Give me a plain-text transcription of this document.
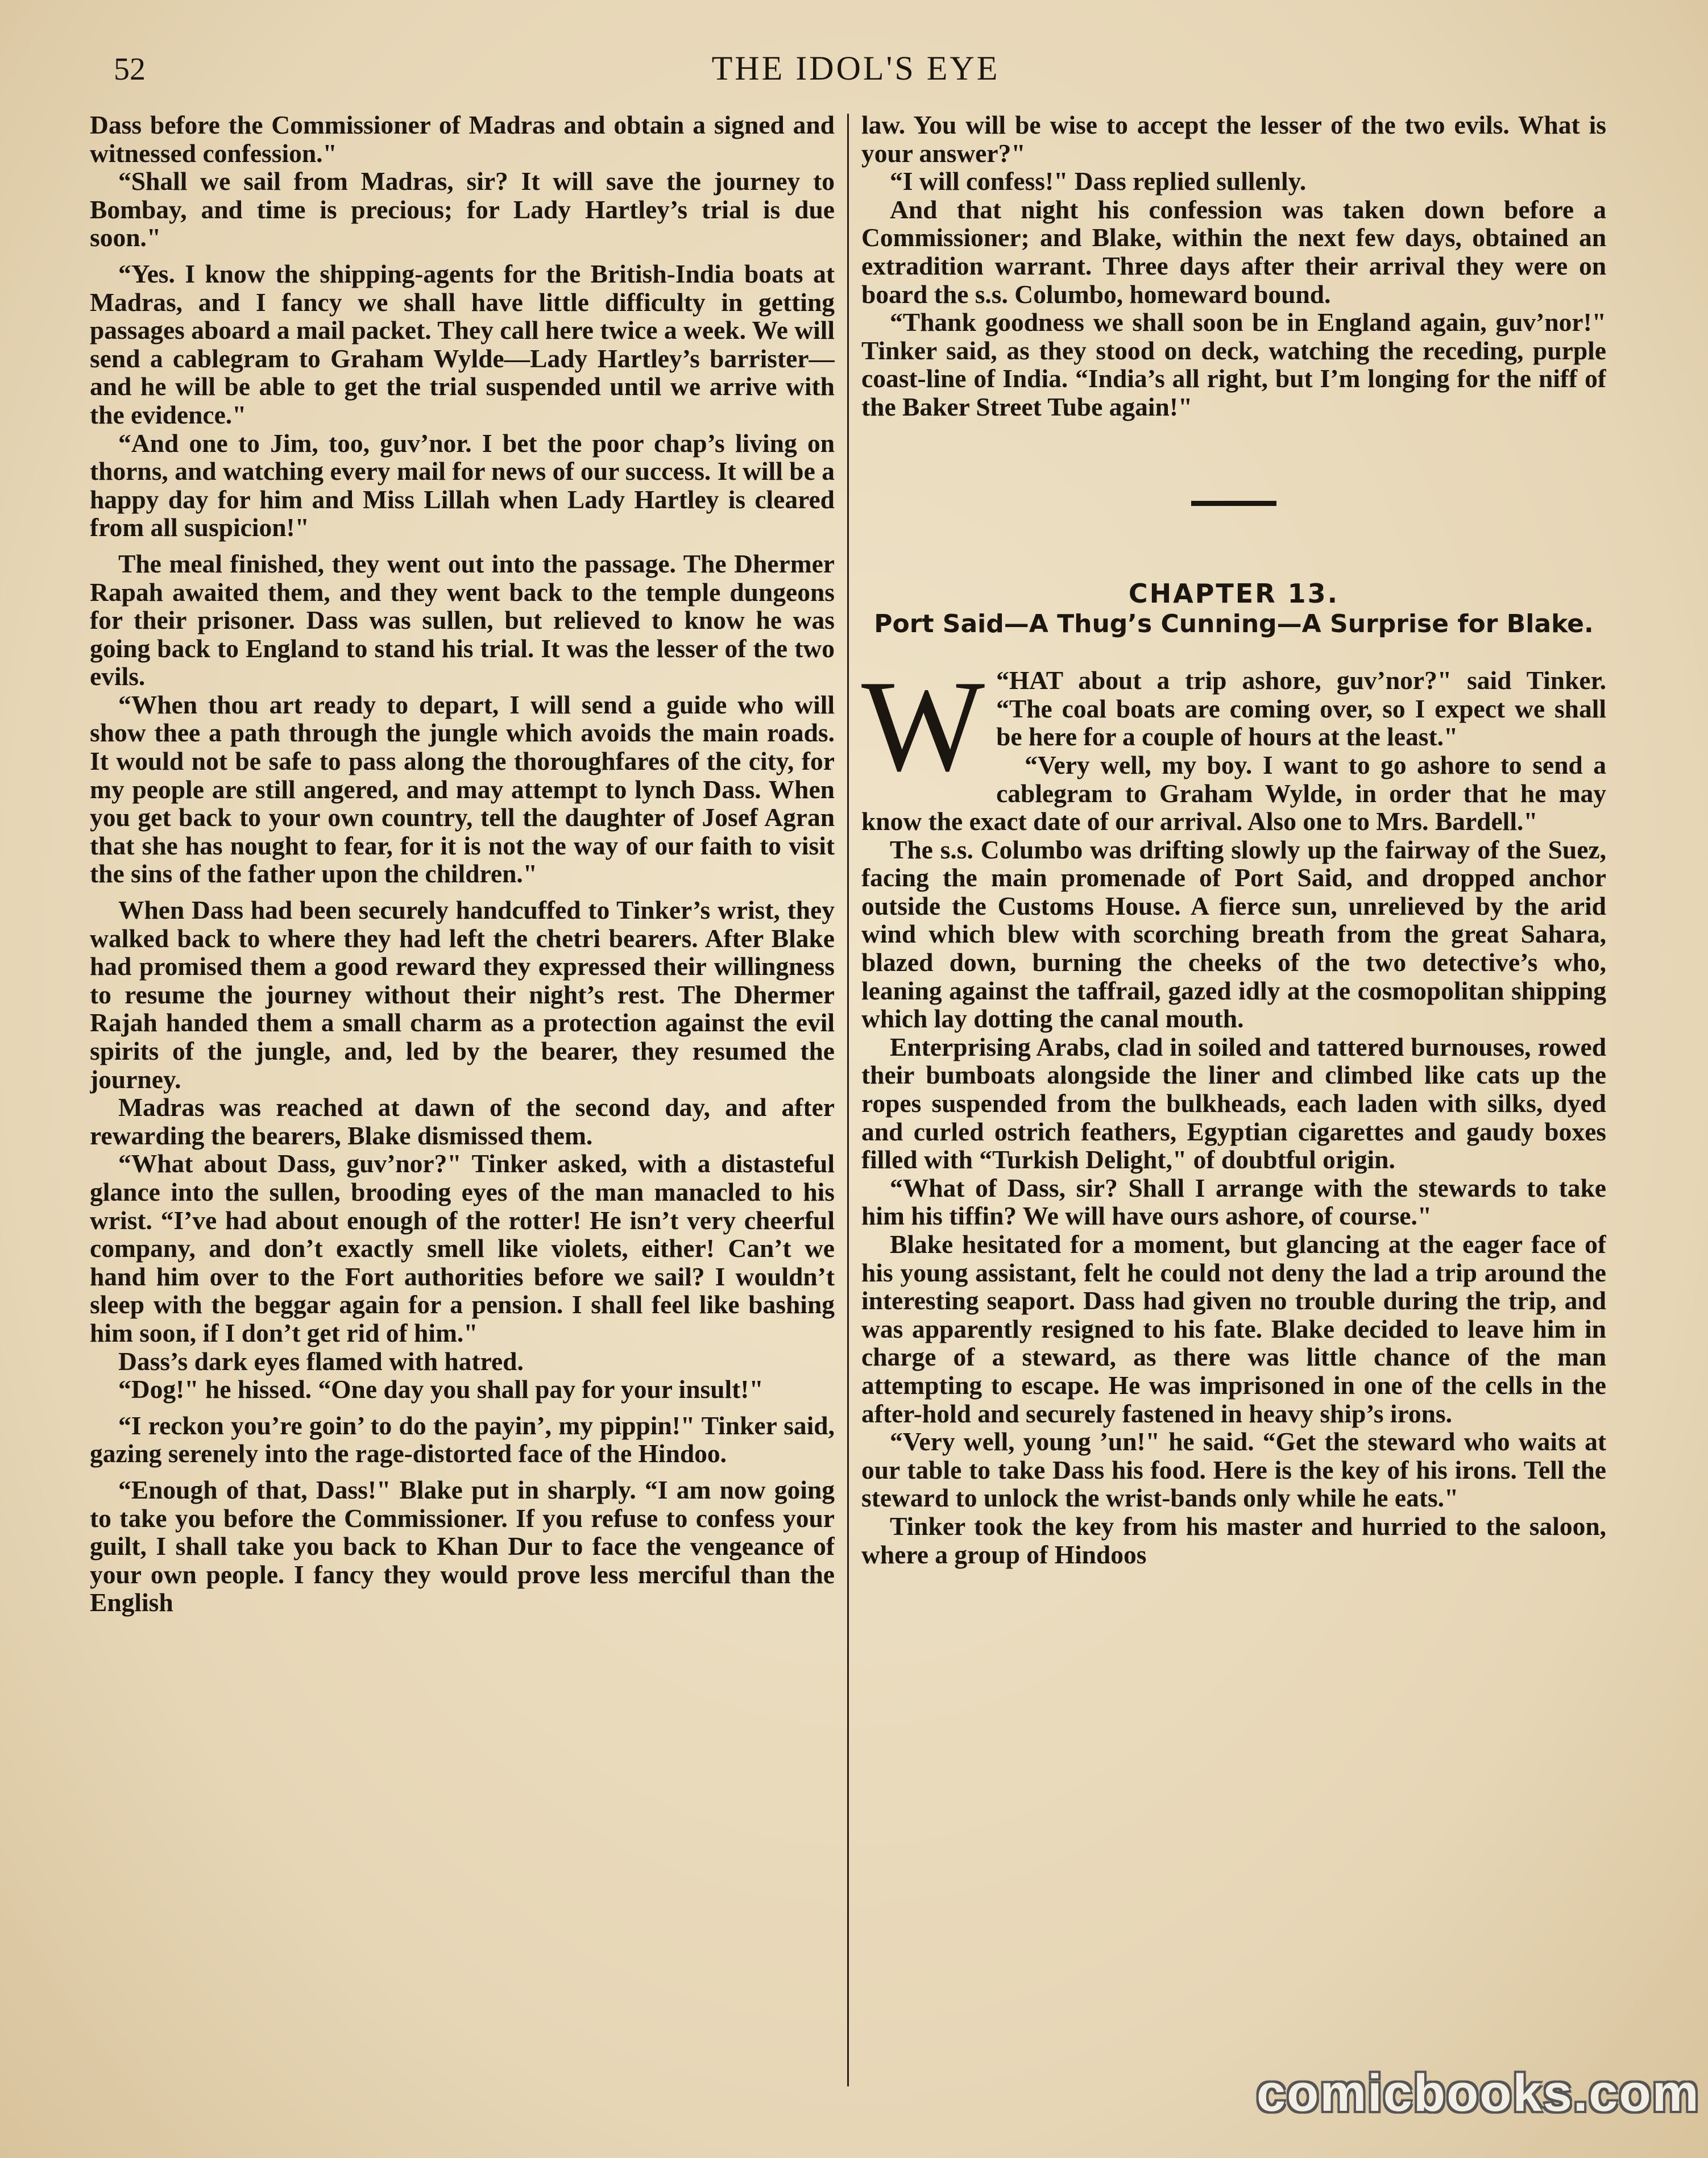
52	THE IDOL'S EYE

Dass before the Commissioner of Madras and obtain a signed and witnessed confession."

“Shall we sail from Madras, sir? It will save the journey to Bombay, and time is precious; for Lady Hartley’s trial is due soon."

“Yes. I know the shipping-agents for the British-India boats at Madras, and I fancy we shall have little difficulty in getting passages aboard a mail packet. They call here twice a week. We will send a cablegram to Graham Wylde—Lady Hartley’s barrister—and he will be able to get the trial suspended until we arrive with the evidence."

“And one to Jim, too, guv’nor. I bet the poor chap’s living on thorns, and watching every mail for news of our success. It will be a happy day for him and Miss Lillah when Lady Hartley is cleared from all suspicion!"

The meal finished, they went out into the passage. The Dhermer Rapah awaited them, and they went back to the temple dungeons for their prisoner. Dass was sullen, but relieved to know he was going back to England to stand his trial. It was the lesser of the two evils.

“When thou art ready to depart, I will send a guide who will show thee a path through the jungle which avoids the main roads. It would not be safe to pass along the thoroughfares of the city, for my people are still angered, and may attempt to lynch Dass. When you get back to your own country, tell the daughter of Josef Agran that she has nought to fear, for it is not the way of our faith to visit the sins of the father upon the children."

When Dass had been securely handcuffed to Tinker’s wrist, they walked back to where they had left the chetri bearers. After Blake had promised them a good reward they expressed their willingness to resume the journey without their night’s rest. The Dhermer Rajah handed them a small charm as a protection against the evil spirits of the jungle, and, led by the bearer, they resumed the journey.

Madras was reached at dawn of the second day, and after rewarding the bearers, Blake dismissed them.

“What about Dass, guv’nor?" Tinker asked, with a distasteful glance into the sullen, brooding eyes of the man manacled to his wrist. “I’ve had about enough of the rotter! He isn’t very cheerful company, and don’t exactly smell like violets, either! Can’t we hand him over to the Fort authorities before we sail? I wouldn’t sleep with the beggar again for a pension. I shall feel like bashing him soon, if I don’t get rid of him."

Dass’s dark eyes flamed with hatred.

“Dog!" he hissed. “One day you shall pay for your insult!"

“I reckon you’re goin’ to do the payin’, my pippin!" Tinker said, gazing serenely into the rage-distorted face of the Hindoo.

“Enough of that, Dass!" Blake put in sharply. “I am now going to take you before the Commissioner. If you refuse to confess your guilt, I shall take you back to Khan Dur to face the vengeance of your own people. I fancy they would prove less merciful than the English

law. You will be wise to accept the lesser of the two evils. What is your answer?"

“I will confess!" Dass replied sullenly.

And that night his confession was taken down before a Commissioner; and Blake, within the next few days, obtained an extradition warrant. Three days after their arrival they were on board the s.s. Columbo, homeward bound.

“Thank goodness we shall soon be in England again, guv’nor!" Tinker said, as they stood on deck, watching the receding, purple coast-line of India. “India’s all right, but I’m longing for the niff of the Baker Street Tube again!"

CHAPTER 13.

Port Said—A Thug’s Cunning—A Surprise for Blake.

“
W HAT about a trip ashore, guv’nor?" said Tinker. “The coal boats are coming over, so I expect we shall be here for a couple of hours at the least."

“Very well, my boy. I want to go ashore to send a cablegram to Graham Wylde, in order that he may know the exact date of our arrival. Also one to Mrs. Bardell."

The s.s. Columbo was drifting slowly up the fairway of the Suez, facing the main promenade of Port Said, and dropped anchor outside the Customs House. A fierce sun, unrelieved by the arid wind which blew with scorching breath from the great Sahara, blazed down, burning the cheeks of the two detective’s who, leaning against the taffrail, gazed idly at the cosmopolitan shipping which lay dotting the canal mouth.

Enterprising Arabs, clad in soiled and tattered burnouses, rowed their bumboats alongside the liner and climbed like cats up the ropes suspended from the bulkheads, each laden with silks, dyed and curled ostrich feathers, Egyptian cigarettes and gaudy boxes filled with “Turkish Delight," of doubtful origin.

“What of Dass, sir? Shall I arrange with the stewards to take him his tiffin? We will have ours ashore, of course."

Blake hesitated for a moment, but glancing at the eager face of his young assistant, felt he could not deny the lad a trip around the interesting seaport. Dass had given no trouble during the trip, and was apparently resigned to his fate. Blake decided to leave him in charge of a steward, as there was little chance of the man attempting to escape. He was imprisoned in one of the cells in the after-hold and securely fastened in heavy ship’s irons.

“Very well, young ’un!" he said. “Get the steward who waits at our table to take Dass his food. Here is the key of his irons. Tell the steward to unlock the wrist-bands only while he eats."

Tinker took the key from his master and hurried to the saloon, where a group of Hindoos

comicbooks.com
